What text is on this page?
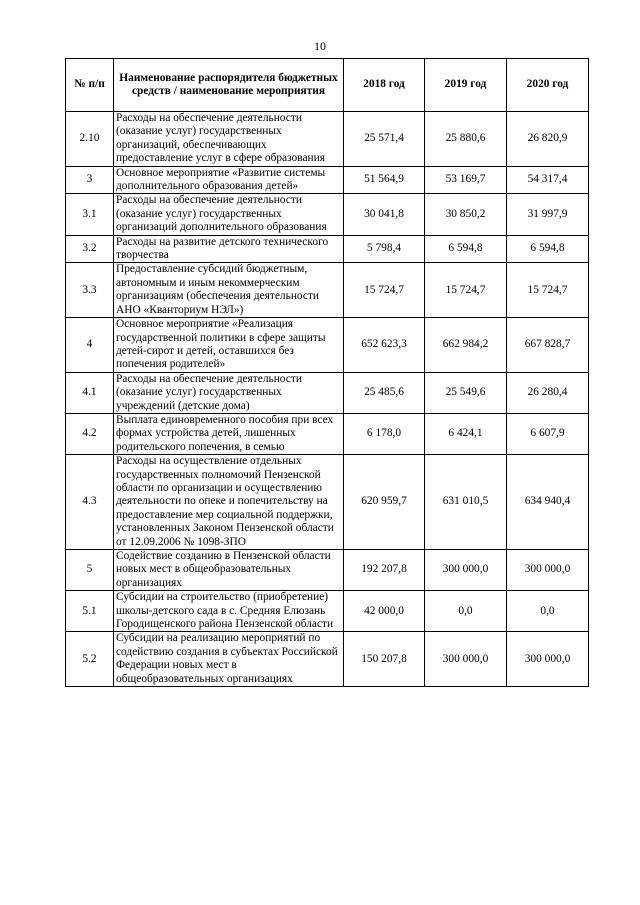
10
№ п/п	Наименование распорядителя бюджетных средств / наименование мероприятия	2018 год	2019 год	2020 год
2.10	Расходы на обеспечение деятельности (оказание услуг) государственных организаций, обеспечивающих предоставление услуг в сфере образования	25 571,4	25 880,6	26 820,9
3	Основное мероприятие «Развитие системы дополнительного образования детей»	51 564,9	53 169,7	54 317,4
3.1	Расходы на обеспечение деятельности (оказание услуг) государственных организаций дополнительного образования	30 041,8	30 850,2	31 997,9
3.2	Расходы на развитие детского технического творчества	5 798,4	6 594,8	6 594,8
3.3	Предоставление субсидий бюджетным, автономным и иным некоммерческим организациям (обеспечения деятельности АНО «Кванториум НЭЛ»)	15 724,7	15 724,7	15 724,7
4	Основное мероприятие «Реализация государственной политики в сфере защиты детей-сирот и детей, оставшихся без попечения родителей»	652 623,3	662 984,2	667 828,7
4.1	Расходы на обеспечение деятельности (оказание услуг) государственных учреждений (детские дома)	25 485,6	25 549,6	26 280,4
4.2	Выплата единовременного пособия при всех формах устройства детей, лишенных родительского попечения, в семью	6 178,0	6 424,1	6 607,9
4.3	Расходы на осуществление отдельных государственных полномочий Пензенской области по организации и осуществлению деятельности по опеке и попечительству на предоставление мер социальной поддержки, установленных Законом Пензенской области от 12.09.2006 № 1098-ЗПО	620 959,7	631 010,5	634 940,4
5	Содействие созданию в Пензенской области новых мест в общеобразовательных организациях	192 207,8	300 000,0	300 000,0
5.1	Субсидии на строительство (приобретение) школы-детского сада в с. Средняя Елюзань Городищенского района Пензенской области	42 000,0	0,0	0,0
5.2	Субсидии на реализацию мероприятий по содействию создания в субъектах Российской Федерации новых мест в общеобразовательных организациях	150 207,8	300 000,0	300 000,0
